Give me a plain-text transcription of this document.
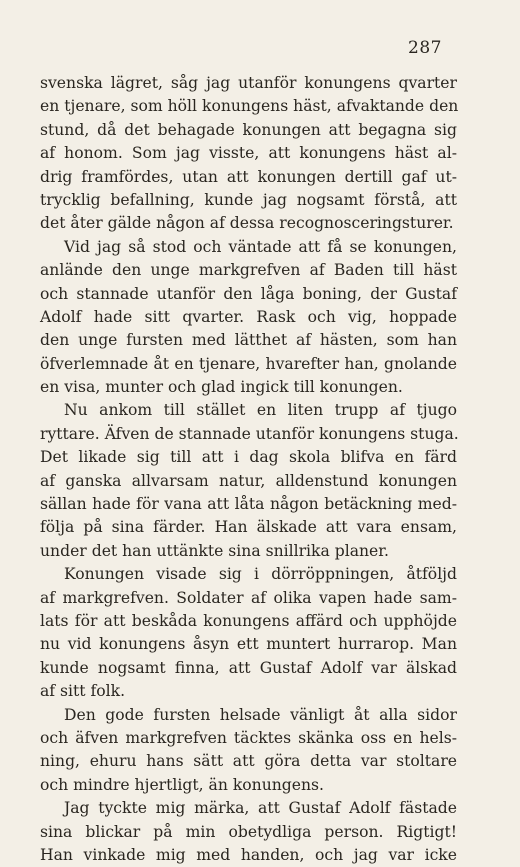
287
svenska lägret, såg jag utanför konungens qvarter
en tjenare, som höll konungens häst, afvaktande den
stund, då det behagade konungen att begagna sig
af honom. Som jag visste, att konungens häst al-
drig framfördes, utan att konungen dertill gaf ut-
trycklig befallning, kunde jag nogsamt förstå, att
det åter gälde någon af dessa recognosceringsturer.
Vid jag så stod och väntade att få se konungen,
anlände den unge markgrefven af Baden till häst
och stannade utanför den låga boning, der Gustaf
Adolf hade sitt qvarter. Rask och vig, hoppade
den unge fursten med lätthet af hästen, som han
öfverlemnade åt en tjenare, hvarefter han, gnolande
en visa, munter och glad ingick till konungen.
Nu ankom till stället en liten trupp af tjugo
ryttare. Äfven de stannade utanför konungens stuga.
Det likade sig till att i dag skola blifva en färd
af ganska allvarsam natur, alldenstund konungen
sällan hade för vana att låta någon betäckning med-
följa på sina färder. Han älskade att vara ensam,
under det han uttänkte sina snillrika planer.
Konungen visade sig i dörröppningen, åtföljd
af markgrefven. Soldater af olika vapen hade sam-
lats för att beskåda konungens affärd och upphöjde
nu vid konungens åsyn ett muntert hurrarop. Man
kunde nogsamt finna, att Gustaf Adolf var älskad
af sitt folk.
Den gode fursten helsade vänligt åt alla sidor
och äfven markgrefven täcktes skänka oss en hels-
ning, ehuru hans sätt att göra detta var stoltare
och mindre hjertligt, än konungens.
Jag tyckte mig märka, att Gustaf Adolf fästade
sina blickar på min obetydliga person. Rigtigt!
Han vinkade mig med handen, och jag var icke
